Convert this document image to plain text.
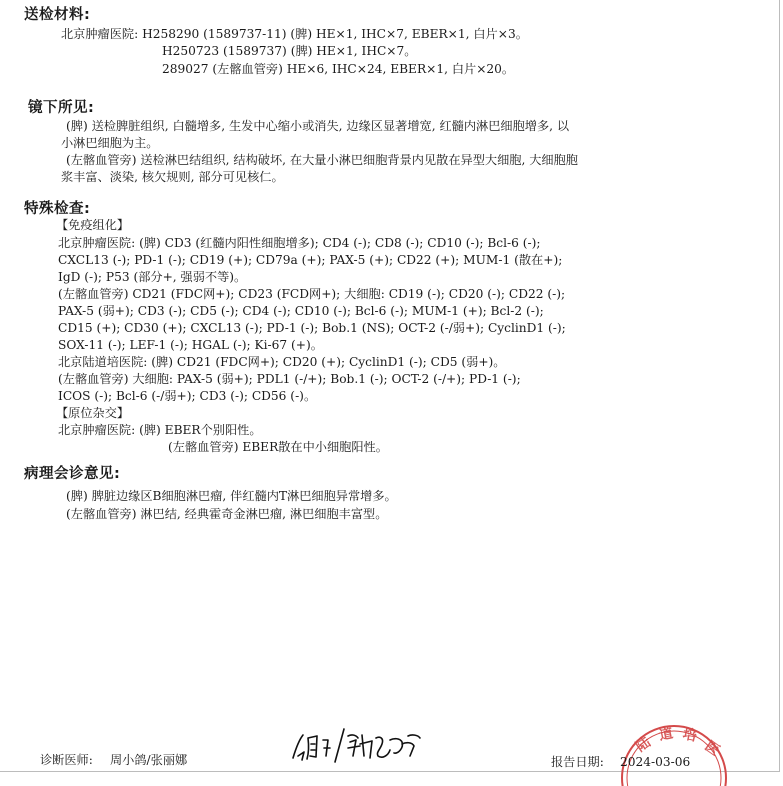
送检材料:
北京肿瘤医院: H258290 (1589737-11) (脾) HE×1, IHC×7, EBER×1, 白片×3。
H250723 (1589737) (脾) HE×1, IHC×7。
289027 (左髂血管旁) HE×6, IHC×24, EBER×1, 白片×20。
镜下所见:
(脾) 送检脾脏组织, 白髓增多, 生发中心缩小或消失, 边缘区显著增宽, 红髓内淋巴细胞增多, 以
小淋巴细胞为主。
(左髂血管旁) 送检淋巴结组织, 结构破坏, 在大量小淋巴细胞背景内见散在异型大细胞, 大细胞胞
浆丰富、淡染, 核欠规则, 部分可见核仁。
特殊检查:
【免疫组化】
北京肿瘤医院: (脾) CD3 (红髓内阳性细胞增多); CD4 (-); CD8 (-); CD10 (-); Bcl-6 (-);
CXCL13 (-); PD-1 (-); CD19 (+); CD79a (+); PAX-5 (+); CD22 (+); MUM-1 (散在+);
IgD (-); P53 (部分+, 强弱不等)。
(左髂血管旁) CD21 (FDC网+); CD23 (FCD网+); 大细胞: CD19 (-); CD20 (-); CD22 (-);
PAX-5 (弱+); CD3 (-); CD5 (-); CD4 (-); CD10 (-); Bcl-6 (-); MUM-1 (+); Bcl-2 (-);
CD15 (+); CD30 (+); CXCL13 (-); PD-1 (-); Bob.1 (NS); OCT-2 (-/弱+); CyclinD1 (-);
SOX-11 (-); LEF-1 (-); HGAL (-); Ki-67 (+)。
北京陆道培医院: (脾) CD21 (FDC网+); CD20 (+); CyclinD1 (-); CD5 (弱+)。
(左髂血管旁) 大细胞: PAX-5 (弱+); PDL1 (-/+); Bob.1 (-); OCT-2 (-/+); PD-1 (-);
ICOS (-); Bcl-6 (-/弱+); CD3 (-); CD56 (-)。
【原位杂交】
北京肿瘤医院: (脾) EBER个别阳性。
(左髂血管旁) EBER散在中小细胞阳性。
病理会诊意见:
(脾) 脾脏边缘区B细胞淋巴瘤, 伴红髓内T淋巴细胞异常增多。
(左髂血管旁) 淋巴结, 经典霍奇金淋巴瘤, 淋巴细胞丰富型。
诊断医师: 周小鸽/张丽娜	报告日期:
陆 道 培
医
2024-03-06
